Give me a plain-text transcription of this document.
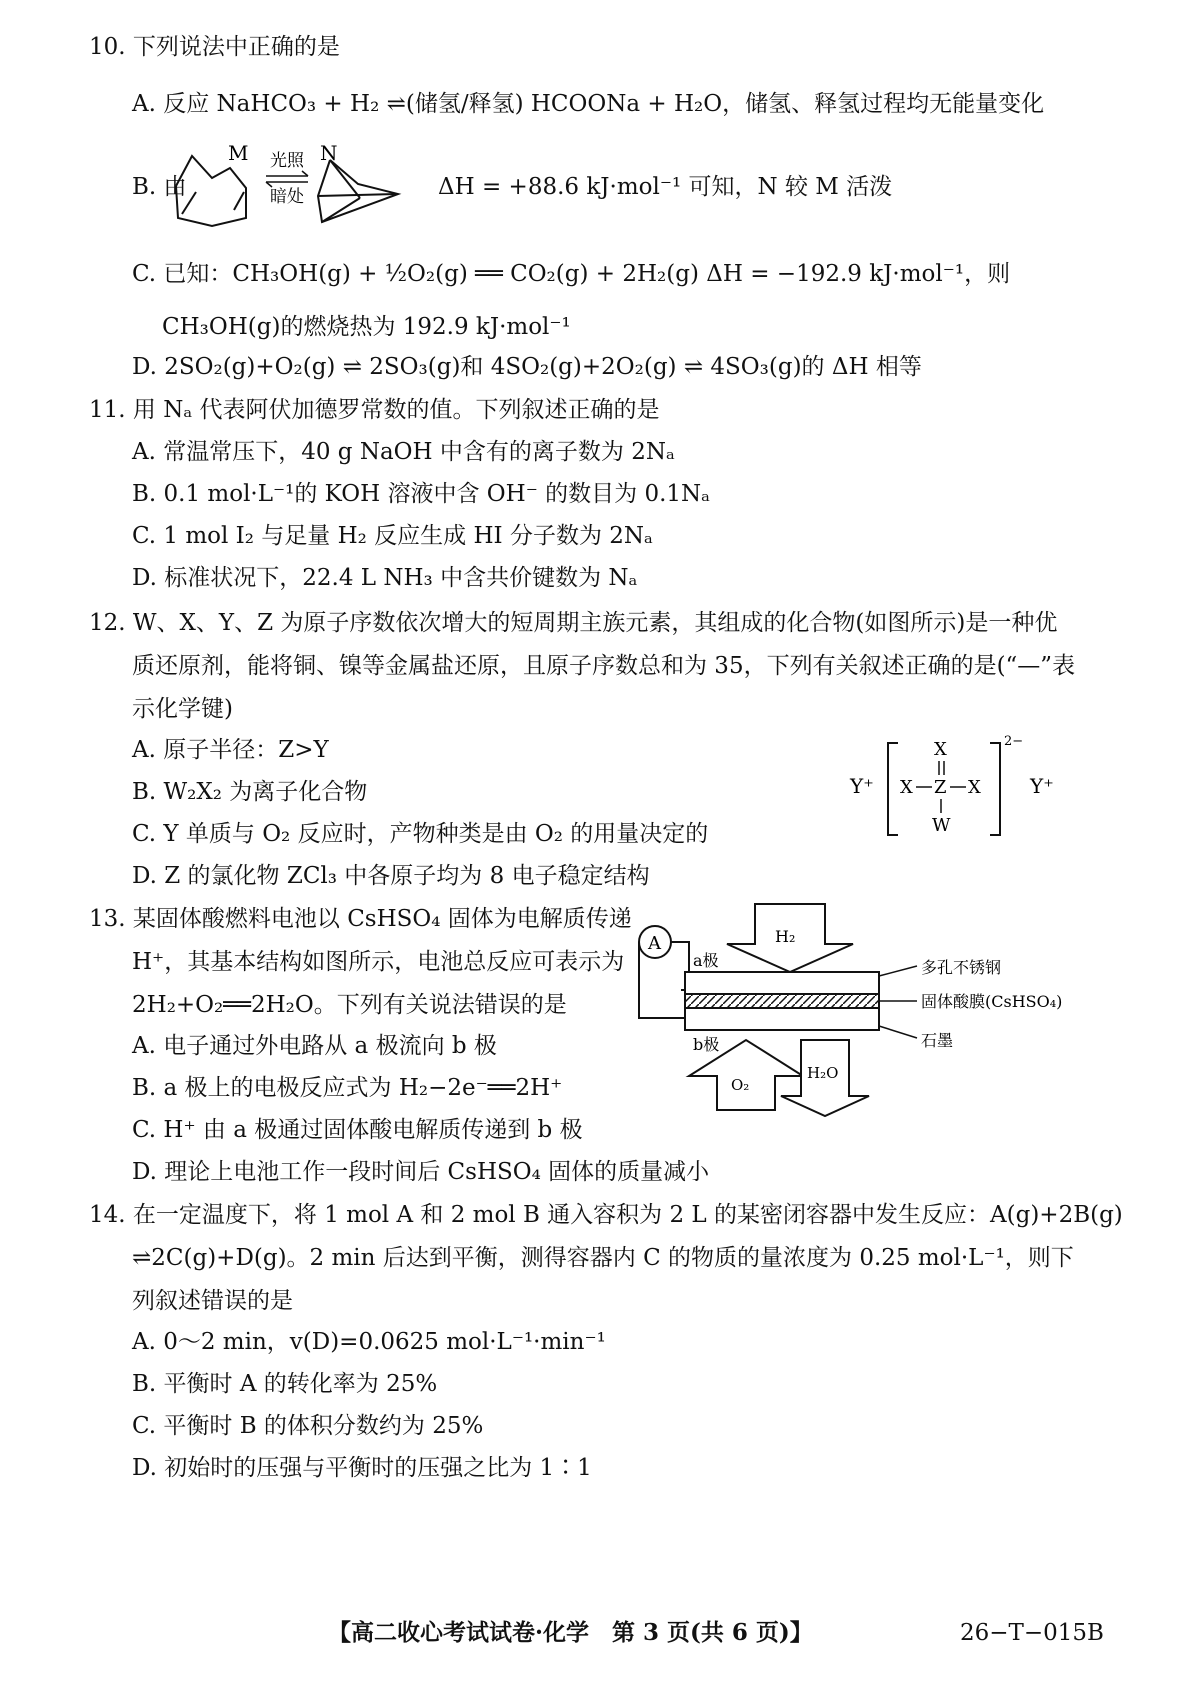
10. 下列说法中正确的是
A. 反应 NaHCO₃ + H₂ ⇌(储氢/释氢) HCOONa + H₂O，储氢、释氢过程均无能量变化
M	N
光照
暗处
B. 由	ΔH = +88.6 kJ·mol⁻¹ 可知，N 较 M 活泼
C. 已知：CH₃OH(g) + ½O₂(g) ══ CO₂(g) + 2H₂(g) ΔH = −192.9 kJ·mol⁻¹，则
CH₃OH(g)的燃烧热为 192.9 kJ·mol⁻¹
D. 2SO₂(g)+O₂(g) ⇌ 2SO₃(g)和 4SO₂(g)+2O₂(g) ⇌ 4SO₃(g)的 ΔH 相等
11. 用 Nₐ 代表阿伏加德罗常数的值。下列叙述正确的是
A. 常温常压下，40 g NaOH 中含有的离子数为 2Nₐ
B. 0.1 mol·L⁻¹的 KOH 溶液中含 OH⁻ 的数目为 0.1Nₐ
C. 1 mol I₂ 与足量 H₂ 反应生成 HI 分子数为 2Nₐ
D. 标准状况下，22.4 L NH₃ 中含共价键数为 Nₐ
12. W、X、Y、Z 为原子序数依次增大的短周期主族元素，其组成的化合物(如图所示)是一种优
质还原剂，能将铜、镍等金属盐还原，且原子序数总和为 35，下列有关叙述正确的是(“—”表
示化学键)
A. 原子半径：Z>Y
B. W₂X₂ 为离子化合物
C. Y 单质与 O₂ 反应时，产物种类是由 O₂ 的用量决定的
D. Z 的氯化物 ZCl₃ 中各原子均为 8 电子稳定结构
Y⁺
X
X Z X
W
2−
Y⁺
13. 某固体酸燃料电池以 CsHSO₄ 固体为电解质传递
H⁺，其基本结构如图所示，电池总反应可表示为
2H₂+O₂══2H₂O。下列有关说法错误的是
A. 电子通过外电路从 a 极流向 b 极
B. a 极上的电极反应式为 H₂−2e⁻══2H⁺
C. H⁺ 由 a 极通过固体酸电解质传递到 b 极
D. 理论上电池工作一段时间后 CsHSO₄ 固体的质量减小
A	H₂
a极
b极
O₂
H₂O
多孔不锈钢
固体酸膜(CsHSO₄)
石墨
14. 在一定温度下，将 1 mol A 和 2 mol B 通入容积为 2 L 的某密闭容器中发生反应：A(g)+2B(g)
⇌2C(g)+D(g)。2 min 后达到平衡，测得容器内 C 的物质的量浓度为 0.25 mol·L⁻¹，则下
列叙述错误的是
A. 0～2 min，v(D)=0.0625 mol·L⁻¹·min⁻¹
B. 平衡时 A 的转化率为 25%
C. 平衡时 B 的体积分数约为 25%
D. 初始时的压强与平衡时的压强之比为 1∶1
【高二收心考试试卷·化学　第 3 页(共 6 页)】	26−T−015B
